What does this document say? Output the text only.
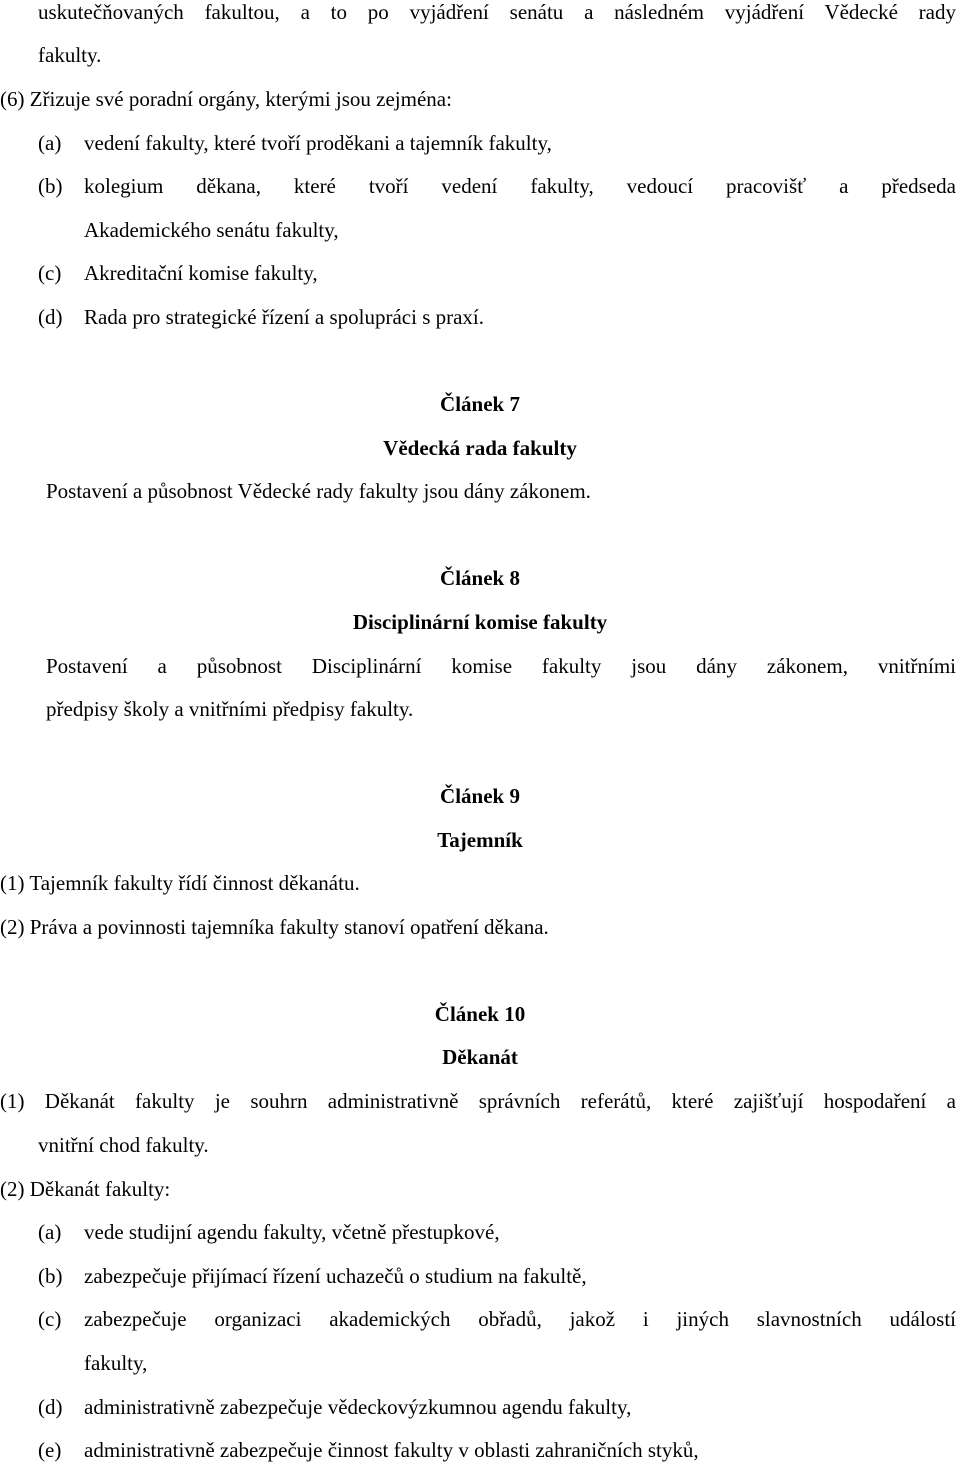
uskutečňovaných fakultou, a to po vyjádření senátu a následném vyjádření Vědecké rady

fakulty.

(6) Zřizuje své poradní orgány, kterými jsou zejména:

(a) vedení fakulty, které tvoří proděkani a tajemník fakulty,
(b) kolegium děkana, které tvoří vedení fakulty, vedoucí pracovišť a předseda
Akademického senátu fakulty,
(c) Akreditační komise fakulty,
(d) Rada pro strategické řízení a spolupráci s praxí.
Článek 7
Vědecká rada fakulty

Postavení a působnost Vědecké rady fakulty jsou dány zákonem.

Článek 8
Disciplinární komise fakulty

Postavení a působnost Disciplinární komise fakulty jsou dány zákonem, vnitřními

předpisy školy a vnitřními předpisy fakulty.

Článek 9
Tajemník

(1) Tajemník fakulty řídí činnost děkanátu.

(2) Práva a povinnosti tajemníka fakulty stanoví opatření děkana.

Článek 10
Děkanát

(1) Děkanát fakulty je souhrn administrativně správních referátů, které zajišťují hospodaření a

vnitřní chod fakulty.

(2) Děkanát fakulty:

(a) vede studijní agendu fakulty, včetně přestupkové,
(b) zabezpečuje přijímací řízení uchazečů o studium na fakultě,
(c) zabezpečuje organizaci akademických obřadů, jakož i jiných slavnostních událostí
fakulty,
(d) administrativně zabezpečuje vědeckovýzkumnou agendu fakulty,
(e) administrativně zabezpečuje činnost fakulty v oblasti zahraničních styků,
